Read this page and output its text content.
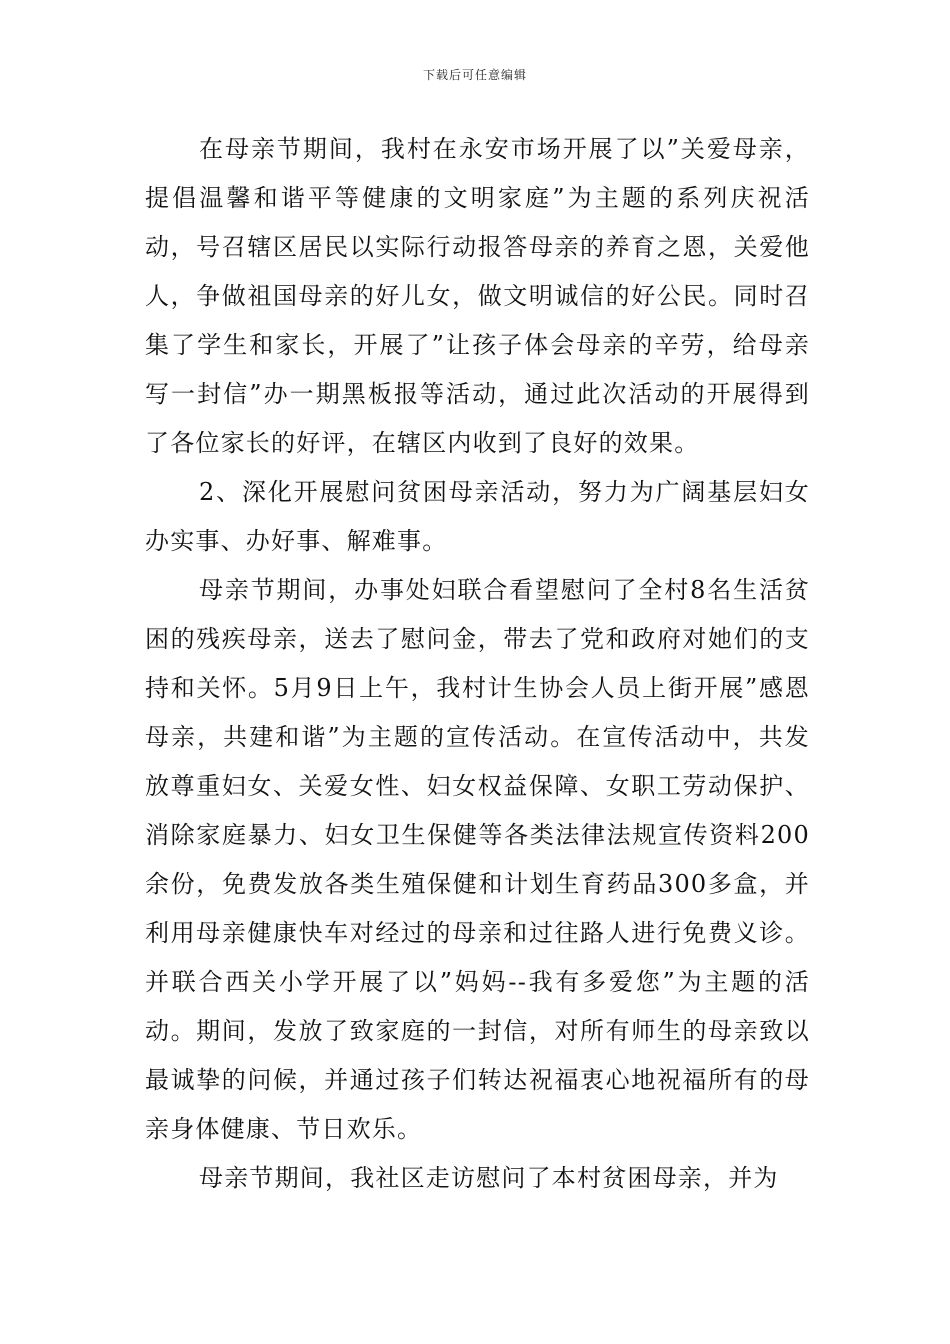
下载后可任意编辑

在母亲节期间，我村在永安市场开展了以”关爱母亲，提倡温馨和谐平等健康的文明家庭”为主题的系列庆祝活动，号召辖区居民以实际行动报答母亲的养育之恩，关爱他人，争做祖国母亲的好儿女，做文明诚信的好公民。同时召集了学生和家长，开展了”让孩子体会母亲的辛劳，给母亲写一封信”办一期黑板报等活动，通过此次活动的开展得到了各位家长的好评，在辖区内收到了良好的效果。

2、深化开展慰问贫困母亲活动，努力为广阔基层妇女办实事、办好事、解难事。

母亲节期间，办事处妇联合看望慰问了全村8名生活贫困的残疾母亲，送去了慰问金，带去了党和政府对她们的支持和关怀。5月9日上午，我村计生协会人员上街开展”感恩母亲，共建和谐”为主题的宣传活动。在宣传活动中，共发放尊重妇女、关爱女性、妇女权益保障、女职工劳动保护、消除家庭暴力、妇女卫生保健等各类法律法规宣传资料200余份，免费发放各类生殖保健和计划生育药品300多盒，并利用母亲健康快车对经过的母亲和过往路人进行免费义诊。并联合西关小学开展了以”妈妈--我有多爱您”为主题的活动。期间，发放了致家庭的一封信，对所有师生的母亲致以最诚挚的问候，并通过孩子们转达祝福衷心地祝福所有的母亲身体健康、节日欢乐。

母亲节期间，我社区走访慰问了本村贫困母亲，并为
